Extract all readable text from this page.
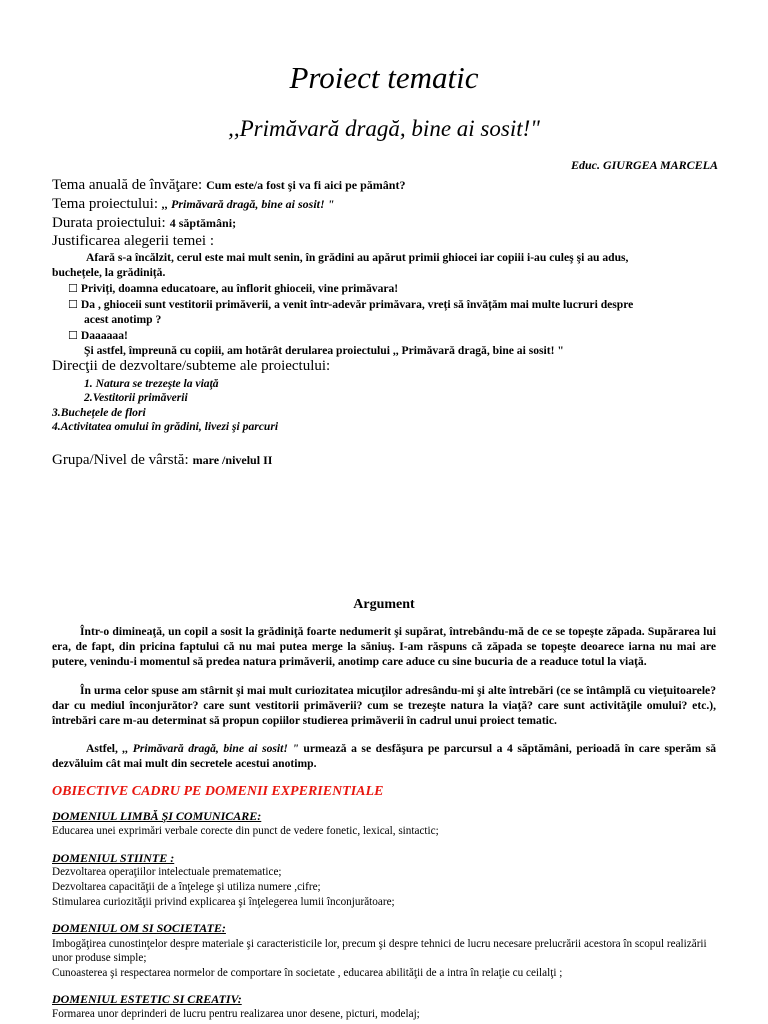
Proiect tematic
,,Primăvară dragă, bine ai sosit!"
Educ. GIURGEA MARCELA
Tema anuală de învăţare: Cum este/a fost şi va fi aici pe pământ?
Tema proiectului: ,, Primăvară dragă, bine ai sosit! "
Durata proiectului: 4 săptămâni;
Justificarea alegerii temei :
Afară s-a încălzit, cerul este mai mult senin, în grădini au apărut primii ghiocei iar copiii i-au culeş şi au adus,
buchețele, la grădiniță.
☐ Priviți, doamna educatoare, au înflorit ghioceii, vine primăvara!
☐ Da , ghioceii sunt vestitorii primăverii, a venit într-adevăr primăvara, vreți să învățăm mai multe lucruri despre
acest anotimp ?
☐ Daaaaaa!
Şi astfel, împreună cu copiii, am hotărât derularea proiectului ,, Primăvară dragă, bine ai sosit! "
Direcţii de dezvoltare/subteme ale proiectului:
1. Natura se trezeşte la viaţă
2.Vestitorii primăverii
3.Buchețele de flori
4.Activitatea omului în grădini, livezi şi parcuri
Grupa/Nivel de vârstă: mare /nivelul II
Argument
Într-o dimineaţă, un copil a sosit la grădiniţă foarte nedumerit şi supărat, întrebându-mă de ce se topeşte zăpada. Supărarea lui era, de fapt, din pricina faptului că nu mai putea merge la săniuş. I-am răspuns că zăpada se topeşte deoarece iarna nu mai are putere, venindu-i momentul să predea natura primăverii, anotimp care aduce cu sine bucuria de a readuce totul la viaţă.
În urma celor spuse am stârnit şi mai mult curiozitatea micuţilor adresându-mi şi alte întrebări (ce se întâmplă cu vieţuitoarele? dar cu mediul înconjurător? care sunt vestitorii primăverii? cum se trezeşte natura la viaţă? care sunt activităţile omului? etc.), întrebări care m-au determinat să propun copiilor studierea primăverii în cadrul unui proiect tematic.
Astfel, ,, Primăvară dragă, bine ai sosit! " urmează a se desfăşura pe parcursul a 4 săptămâni, perioadă în care sperăm să dezvăluim cât mai mult din secretele acestui anotimp.
OBIECTIVE CADRU PE DOMENII EXPERIENTIALE
DOMENIUL LIMBĂ ŞI COMUNICARE:
Educarea unei exprimări verbale corecte din punct de vedere fonetic, lexical, sintactic;
DOMENIUL STIINTE :
Dezvoltarea operaţiilor intelectuale prematematice;
Dezvoltarea capacităţii de a înţelege şi utiliza numere ,cifre;
Stimularea curiozităţii privind explicarea şi înţelegerea lumii înconjurătoare;
DOMENIUL OM SI SOCIETATE:
Imbogăţirea cunostinţelor despre materiale şi caracteristicile lor, precum şi despre tehnici de lucru necesare prelucrării acestora în scopul realizării unor produse simple;
Cunoasterea şi respectarea normelor de comportare în societate , educarea abilităţii de a intra în relaţie cu ceilalţi ;
DOMENIUL ESTETIC SI CREATIV:
Formarea unor deprinderi de lucru pentru realizarea unor desene, picturi, modelaj;
